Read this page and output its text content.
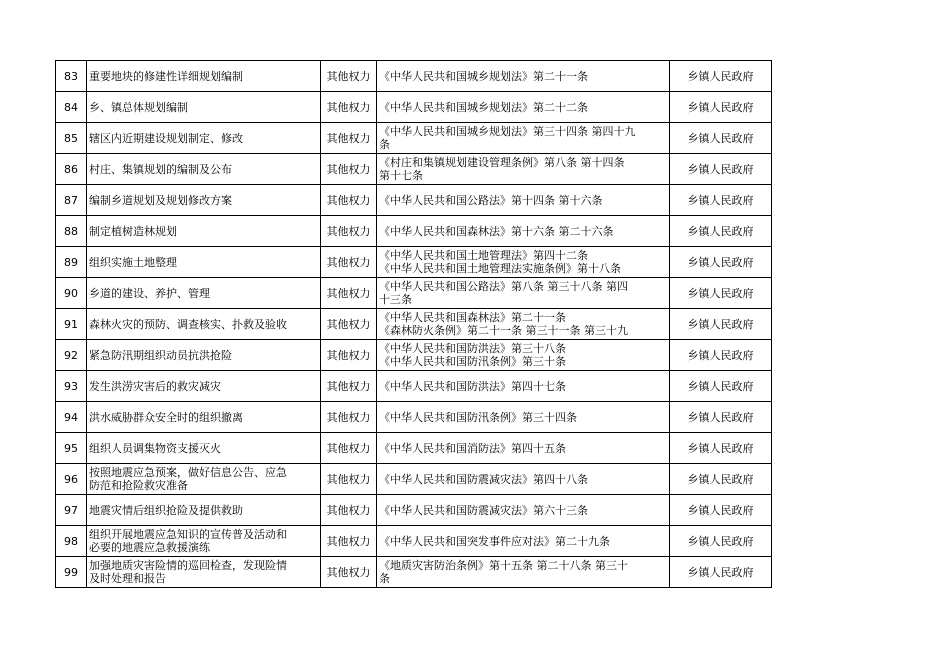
83	重要地块的修建性详细规划编制	其他权力	《中华人民共和国城乡规划法》第二十一条	乡镇人民政府
84	乡、镇总体规划编制	其他权力	《中华人民共和国城乡规划法》第二十二条	乡镇人民政府
85	辖区内近期建设规划制定、修改	其他权力	《中华人民共和国城乡规划法》第三十四条 第四十九
条	乡镇人民政府
86	村庄、集镇规划的编制及公布	其他权力	《村庄和集镇规划建设管理条例》第八条 第十四条
第十七条	乡镇人民政府
87	编制乡道规划及规划修改方案	其他权力	《中华人民共和国公路法》第十四条 第十六条	乡镇人民政府
88	制定植树造林规划	其他权力	《中华人民共和国森林法》第十六条 第二十六条	乡镇人民政府
89	组织实施土地整理	其他权力	《中华人民共和国土地管理法》第四十二条
《中华人民共和国土地管理法实施条例》第十八条	乡镇人民政府
90	乡道的建设、养护、管理	其他权力	《中华人民共和国公路法》第八条 第三十八条 第四
十三条	乡镇人民政府
91	森林火灾的预防、调查核实、扑救及验收	其他权力	《中华人民共和国森林法》第二十一条
《森林防火条例》第二十一条 第三十一条 第三十九	乡镇人民政府
92	紧急防汛期组织动员抗洪抢险	其他权力	《中华人民共和国防洪法》第三十八条
《中华人民共和国防汛条例》第三十条	乡镇人民政府
93	发生洪涝灾害后的救灾减灾	其他权力	《中华人民共和国防洪法》第四十七条	乡镇人民政府
94	洪水威胁群众安全时的组织撤离	其他权力	《中华人民共和国防汛条例》第三十四条	乡镇人民政府
95	组织人员调集物资支援灭火	其他权力	《中华人民共和国消防法》第四十五条	乡镇人民政府
96	按照地震应急预案，做好信息公告、应急
防范和抢险救灾准备	其他权力	《中华人民共和国防震减灾法》第四十八条	乡镇人民政府
97	地震灾情后组织抢险及提供救助	其他权力	《中华人民共和国防震减灾法》第六十三条	乡镇人民政府
98	组织开展地震应急知识的宣传普及活动和
必要的地震应急救援演练	其他权力	《中华人民共和国突发事件应对法》第二十九条	乡镇人民政府
99	加强地质灾害险情的巡回检查，发现险情
及时处理和报告	其他权力	《地质灾害防治条例》第十五条 第二十八条 第三十
条	乡镇人民政府
